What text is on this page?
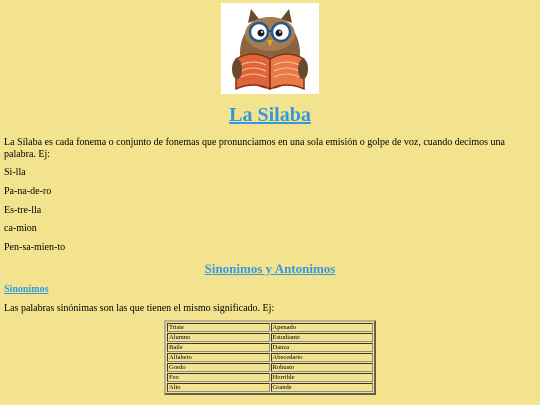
La Silaba
La Sílaba es cada fonema o conjunto de fonemas que pronunciamos en una sola emisión o golpe de voz, cuando decimos una palabra. Ej:
Si-lla
Pa-na-de-ro
Es-tre-lla
ca-mion
Pen-sa-mien-to
Sinonimos y Antonimos
Sinonimos
Las palabras sinónimas son las que tienen el mismo significado. Ej:
Triste	Apenado
Alumno	Estudiante
Baile	Danza
Alfabeto	Abecedario
Gordo	Robusto
Feo	Horrible
Alto	Grande
